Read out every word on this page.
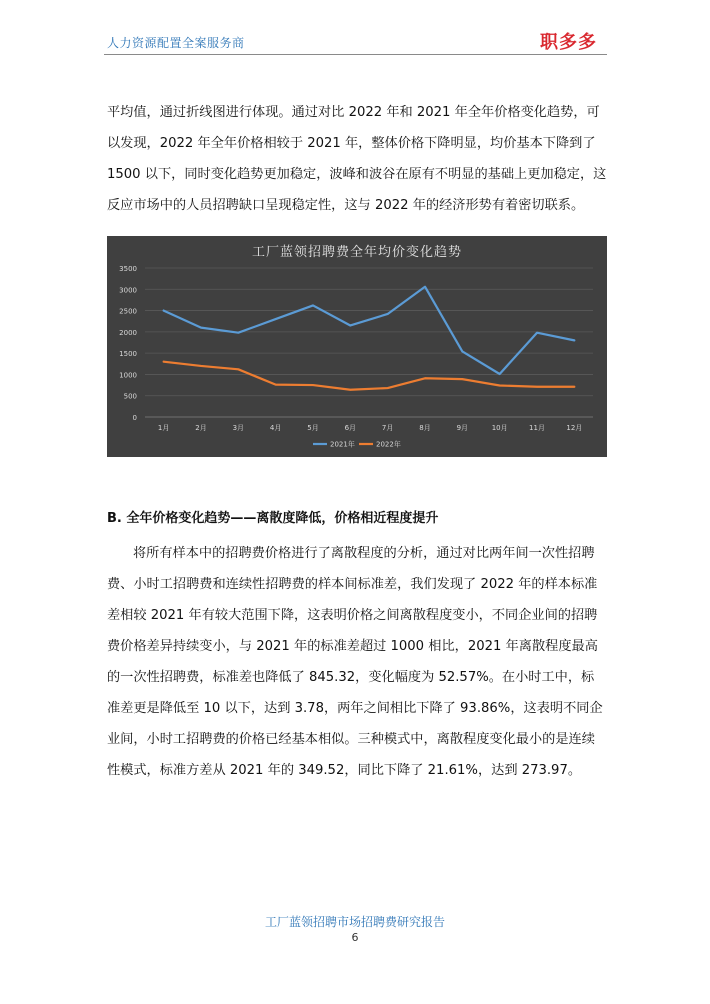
人力资源配置全案服务商	职多多

平均值，通过折线图进行体现。通过对比 2022 年和 2021 年全年价格变化趋势，可以发现，2022 年全年价格相较于 2021 年，整体价格下降明显，均价基本下降到了 1500 以下，同时变化趋势更加稳定，波峰和波谷在原有不明显的基础上更加稳定，这反应市场中的人员招聘缺口呈现稳定性，这与 2022 年的经济形势有着密切联系。

工厂蓝领招聘费全年均价变化趋势
0
500
1000
1500
2000
2500
3000
3500
1月	2月	3月	4月	5月	6月	7月	8月	9月	10月	11月	12月
2021年	2022年
B. 全年价格变化趋势——离散度降低，价格相近程度提升

将所有样本中的招聘费价格进行了离散程度的分析，通过对比两年间一次性招聘费、小时工招聘费和连续性招聘费的样本间标准差，我们发现了 2022 年的样本标准差相较 2021 年有较大范围下降，这表明价格之间离散程度变小，不同企业间的招聘费价格差异持续变小，与 2021 年的标准差超过 1000 相比，2021 年离散程度最高的一次性招聘费，标准差也降低了 845.32，变化幅度为 52.57%。在小时工中，标准差更是降低至 10 以下，达到 3.78，两年之间相比下降了 93.86%，这表明不同企业间，小时工招聘费的价格已经基本相似。三种模式中，离散程度变化最小的是连续性模式，标准方差从 2021 年的 349.52，同比下降了 21.61%，达到 273.97。

工厂蓝领招聘市场招聘费研究报告
6
